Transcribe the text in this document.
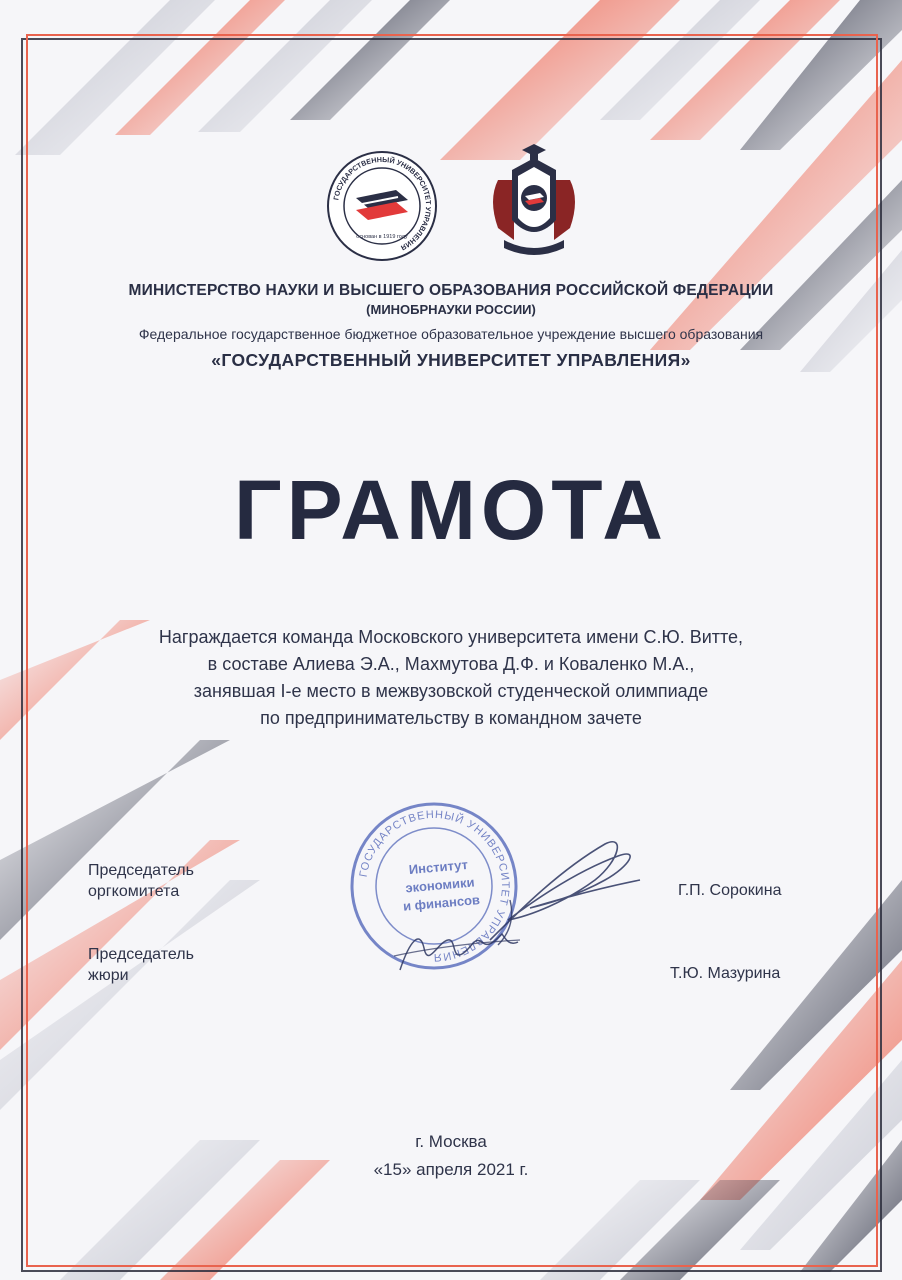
ГОСУДАРСТВЕННЫЙ УНИВЕРСИТЕТ УПРАВЛЕНИЯ
основан в 1919 году
МИНИСТЕРСТВО НАУКИ И ВЫСШЕГО ОБРАЗОВАНИЯ РОССИЙСКОЙ ФЕДЕРАЦИИ
(МИНОБРНАУКИ РОССИИ)
Федеральное государственное бюджетное образовательное учреждение высшего образования
«ГОСУДАРСТВЕННЫЙ УНИВЕРСИТЕТ УПРАВЛЕНИЯ»
ГРАМОТА
Награждается команда Московского университета имени С.Ю. Витте,
в составе Алиева Э.А., Махмутова Д.Ф. и Коваленко М.А.,
занявшая I-е место в межвузовской студенческой олимпиаде
по предпринимательству в командном зачете
ГОСУДАРСТВЕННЫЙ УНИВЕРСИТЕТ УПРАВЛЕНИЯ
Институт
экономики
и финансов
Председатель
оргкомитета	Г.П. Сорокина
Председатель
жюри	Т.Ю. Мазурина
г. Москва
«15» апреля 2021 г.
